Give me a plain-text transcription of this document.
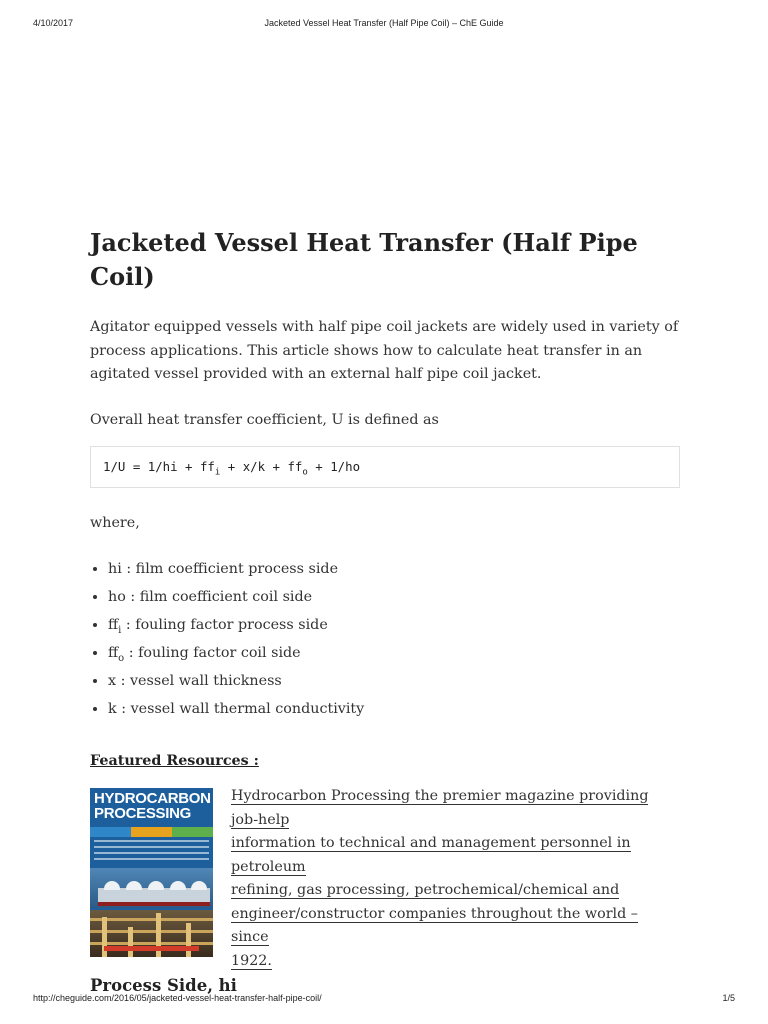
4/10/2017	Jacketed Vessel Heat Transfer (Half Pipe Coil) – ChE Guide
Jacketed Vessel Heat Transfer (Half Pipe Coil)

Agitator equipped vessels with half pipe coil jackets are widely used in variety of process applications. This article shows how to calculate heat transfer in an agitated vessel provided with an external half pipe coil jacket.

Overall heat transfer coefficient, U is defined as

$1/U = 1/hi + ff_i + x/k + ff_o + 1/ho$

where,

• hi : film coefficient process side
• ho : film coefficient coil side
• $ff_i$ : fouling factor process side
• $ff_o$ : fouling factor coil side
• x : vessel wall thickness
• k : vessel wall thermal conductivity
Featured Resources :
HYDROCARBON
PROCESSING
Hydrocarbon Processing the premier magazine providing job-help
information to technical and management personnel in petroleum
refining, gas processing, petrochemical/chemical and
engineer/constructor companies throughout the world – since
1922.
Process Side, hi
http://cheguide.com/2016/05/jacketed-vessel-heat-transfer-half-pipe-coil/	1/5
